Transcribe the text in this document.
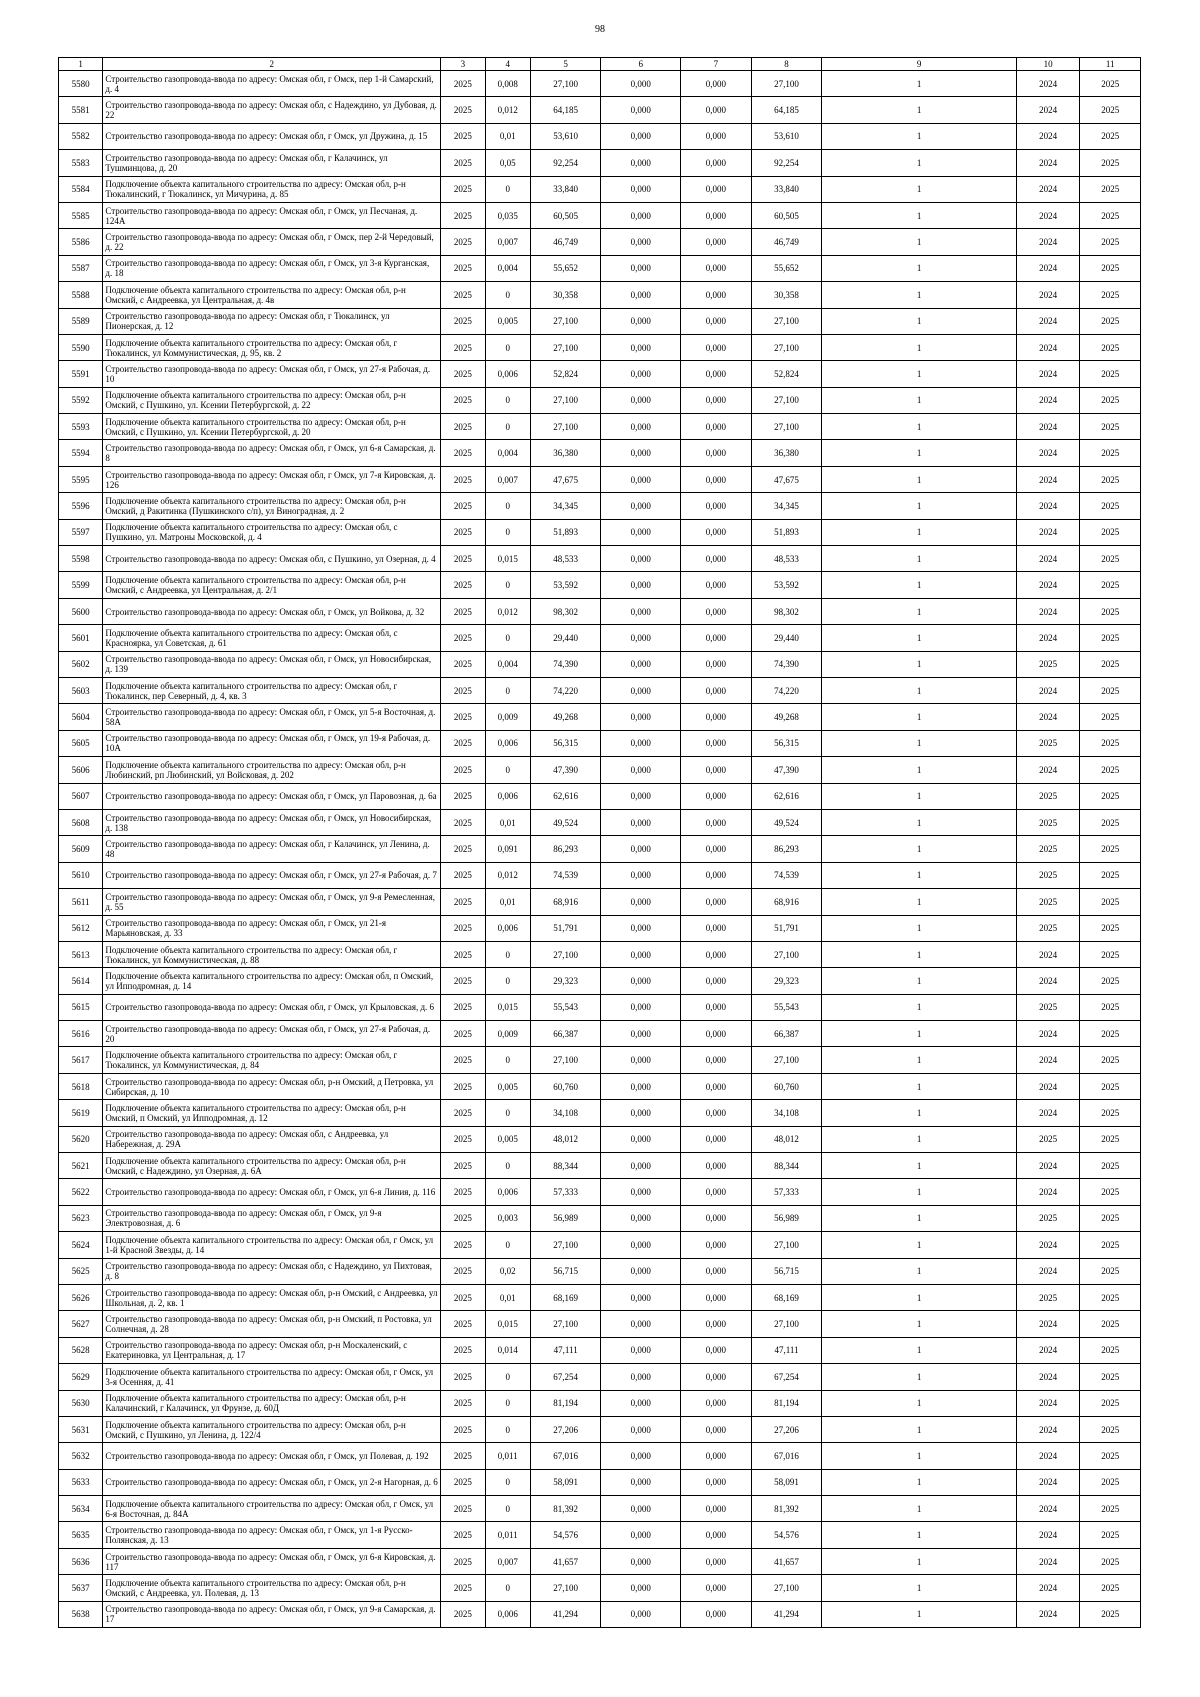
98
1	2	3	4	5	6	7	8	9	10	11
5580	Строительство газопровода-ввода по адресу: Омская обл, г Омск, пер 1-й Самарский, д. 4	2025	0,008	27,100	0,000	0,000	27,100	1	2024	2025
5581	Строительство газопровода-ввода по адресу: Омская обл, с Надеждино, ул Дубовая, д. 22	2025	0,012	64,185	0,000	0,000	64,185	1	2024	2025
5582	Строительство газопровода-ввода по адресу: Омская обл, г Омск, ул Дружина, д. 15	2025	0,01	53,610	0,000	0,000	53,610	1	2024	2025
5583	Строительство газопровода-ввода по адресу: Омская обл, г Калачинск, ул Тушминцова, д. 20	2025	0,05	92,254	0,000	0,000	92,254	1	2024	2025
5584	Подключение объекта капитального строительства по адресу: Омская обл, р-н Тюкалинский, г Тюкалинск, ул Мичурина, д. 85	2025	0	33,840	0,000	0,000	33,840	1	2024	2025
5585	Строительство газопровода-ввода по адресу: Омская обл, г Омск, ул Песчаная, д. 124А	2025	0,035	60,505	0,000	0,000	60,505	1	2024	2025
5586	Строительство газопровода-ввода по адресу: Омская обл, г Омск, пер 2-й Чередовый, д. 22	2025	0,007	46,749	0,000	0,000	46,749	1	2024	2025
5587	Строительство газопровода-ввода по адресу: Омская обл, г Омск, ул 3-я Курганская, д. 18	2025	0,004	55,652	0,000	0,000	55,652	1	2024	2025
5588	Подключение объекта капитального строительства по адресу: Омская обл, р-н Омский, с Андреевка, ул Центральная, д. 4в	2025	0	30,358	0,000	0,000	30,358	1	2024	2025
5589	Строительство газопровода-ввода по адресу: Омская обл, г Тюкалинск, ул Пионерская, д. 12	2025	0,005	27,100	0,000	0,000	27,100	1	2024	2025
5590	Подключение объекта капитального строительства по адресу: Омская обл, г Тюкалинск, ул Коммунистическая, д. 95, кв. 2	2025	0	27,100	0,000	0,000	27,100	1	2024	2025
5591	Строительство газопровода-ввода по адресу: Омская обл, г Омск, ул 27-я Рабочая, д. 10	2025	0,006	52,824	0,000	0,000	52,824	1	2024	2025
5592	Подключение объекта капитального строительства по адресу: Омская обл, р-н Омский, с Пушкино, ул. Ксении Петербургской, д. 22	2025	0	27,100	0,000	0,000	27,100	1	2024	2025
5593	Подключение объекта капитального строительства по адресу: Омская обл, р-н Омский, с Пушкино, ул. Ксении Петербургской, д. 20	2025	0	27,100	0,000	0,000	27,100	1	2024	2025
5594	Строительство газопровода-ввода по адресу: Омская обл, г Омск, ул 6-я Самарская, д. 8	2025	0,004	36,380	0,000	0,000	36,380	1	2024	2025
5595	Строительство газопровода-ввода по адресу: Омская обл, г Омск, ул 7-я Кировская, д. 126	2025	0,007	47,675	0,000	0,000	47,675	1	2024	2025
5596	Подключение объекта капитального строительства по адресу: Омская обл, р-н Омский, д Ракитинка (Пушкинского с/п), ул Виноградная, д. 2	2025	0	34,345	0,000	0,000	34,345	1	2024	2025
5597	Подключение объекта капитального строительства по адресу: Омская обл, с Пушкино, ул. Матроны Московской, д. 4	2025	0	51,893	0,000	0,000	51,893	1	2024	2025
5598	Строительство газопровода-ввода по адресу: Омская обл, с Пушкино, ул Озерная, д. 4	2025	0,015	48,533	0,000	0,000	48,533	1	2024	2025
5599	Подключение объекта капитального строительства по адресу: Омская обл, р-н Омский, с Андреевка, ул Центральная, д. 2/1	2025	0	53,592	0,000	0,000	53,592	1	2024	2025
5600	Строительство газопровода-ввода по адресу: Омская обл, г Омск, ул Войкова, д. 32	2025	0,012	98,302	0,000	0,000	98,302	1	2024	2025
5601	Подключение объекта капитального строительства по адресу: Омская обл, с Красноярка, ул Советская, д. 61	2025	0	29,440	0,000	0,000	29,440	1	2024	2025
5602	Строительство газопровода-ввода по адресу: Омская обл, г Омск, ул Новосибирская, д. 139	2025	0,004	74,390	0,000	0,000	74,390	1	2025	2025
5603	Подключение объекта капитального строительства по адресу: Омская обл, г Тюкалинск, пер Северный, д. 4, кв. 3	2025	0	74,220	0,000	0,000	74,220	1	2024	2025
5604	Строительство газопровода-ввода по адресу: Омская обл, г Омск, ул 5-я Восточная, д. 58А	2025	0,009	49,268	0,000	0,000	49,268	1	2024	2025
5605	Строительство газопровода-ввода по адресу: Омская обл, г Омск, ул 19-я Рабочая, д. 10А	2025	0,006	56,315	0,000	0,000	56,315	1	2025	2025
5606	Подключение объекта капитального строительства по адресу: Омская обл, р-н Любинский, рп Любинский, ул Войсковая, д. 202	2025	0	47,390	0,000	0,000	47,390	1	2024	2025
5607	Строительство газопровода-ввода по адресу: Омская обл, г Омск, ул Паровозная, д. 6а	2025	0,006	62,616	0,000	0,000	62,616	1	2025	2025
5608	Строительство газопровода-ввода по адресу: Омская обл, г Омск, ул Новосибирская, д. 138	2025	0,01	49,524	0,000	0,000	49,524	1	2025	2025
5609	Строительство газопровода-ввода по адресу: Омская обл, г Калачинск, ул Ленина, д. 48	2025	0,091	86,293	0,000	0,000	86,293	1	2025	2025
5610	Строительство газопровода-ввода по адресу: Омская обл, г Омск, ул 27-я Рабочая, д. 7	2025	0,012	74,539	0,000	0,000	74,539	1	2025	2025
5611	Строительство газопровода-ввода по адресу: Омская обл, г Омск, ул 9-я Ремесленная, д. 55	2025	0,01	68,916	0,000	0,000	68,916	1	2025	2025
5612	Строительство газопровода-ввода по адресу: Омская обл, г Омск, ул 21-я Марьяновская, д. 33	2025	0,006	51,791	0,000	0,000	51,791	1	2025	2025
5613	Подключение объекта капитального строительства по адресу: Омская обл, г Тюкалинск, ул Коммунистическая, д. 88	2025	0	27,100	0,000	0,000	27,100	1	2024	2025
5614	Подключение объекта капитального строительства по адресу: Омская обл, п Омский, ул Ипподромная, д. 14	2025	0	29,323	0,000	0,000	29,323	1	2024	2025
5615	Строительство газопровода-ввода по адресу: Омская обл, г Омск, ул Крыловская, д. 6	2025	0,015	55,543	0,000	0,000	55,543	1	2025	2025
5616	Строительство газопровода-ввода по адресу: Омская обл, г Омск, ул 27-я Рабочая, д. 20	2025	0,009	66,387	0,000	0,000	66,387	1	2024	2025
5617	Подключение объекта капитального строительства по адресу: Омская обл, г Тюкалинск, ул Коммунистическая, д. 84	2025	0	27,100	0,000	0,000	27,100	1	2024	2025
5618	Строительство газопровода-ввода по адресу: Омская обл, р-н Омский, д Петровка, ул Сибирская, д. 10	2025	0,005	60,760	0,000	0,000	60,760	1	2024	2025
5619	Подключение объекта капитального строительства по адресу: Омская обл, р-н Омский, п Омский, ул Ипподромная, д. 12	2025	0	34,108	0,000	0,000	34,108	1	2024	2025
5620	Строительство газопровода-ввода по адресу: Омская обл, с Андреевка, ул Набережная, д. 29А	2025	0,005	48,012	0,000	0,000	48,012	1	2025	2025
5621	Подключение объекта капитального строительства по адресу: Омская обл, р-н Омский, с Надеждино, ул Озерная, д. 6А	2025	0	88,344	0,000	0,000	88,344	1	2024	2025
5622	Строительство газопровода-ввода по адресу: Омская обл, г Омск, ул 6-я Линия, д. 116	2025	0,006	57,333	0,000	0,000	57,333	1	2024	2025
5623	Строительство газопровода-ввода по адресу: Омская обл, г Омск, ул 9-я Электровозная, д. 6	2025	0,003	56,989	0,000	0,000	56,989	1	2025	2025
5624	Подключение объекта капитального строительства по адресу: Омская обл, г Омск, ул 1-й Красной Звезды, д. 14	2025	0	27,100	0,000	0,000	27,100	1	2024	2025
5625	Строительство газопровода-ввода по адресу: Омская обл, с Надеждино, ул Пихтовая, д. 8	2025	0,02	56,715	0,000	0,000	56,715	1	2024	2025
5626	Строительство газопровода-ввода по адресу: Омская обл, р-н Омский, с Андреевка, ул Школьная, д. 2, кв. 1	2025	0,01	68,169	0,000	0,000	68,169	1	2025	2025
5627	Строительство газопровода-ввода по адресу: Омская обл, р-н Омский, п Ростовка, ул Солнечная, д. 28	2025	0,015	27,100	0,000	0,000	27,100	1	2024	2025
5628	Строительство газопровода-ввода по адресу: Омская обл, р-н Москаленский, с Екатериновка, ул Центральная, д. 17	2025	0,014	47,111	0,000	0,000	47,111	1	2024	2025
5629	Подключение объекта капитального строительства по адресу: Омская обл, г Омск, ул 3-я Осенняя, д. 41	2025	0	67,254	0,000	0,000	67,254	1	2024	2025
5630	Подключение объекта капитального строительства по адресу: Омская обл, р-н Калачинский, г Калачинск, ул Фрунзе, д. 60Д	2025	0	81,194	0,000	0,000	81,194	1	2024	2025
5631	Подключение объекта капитального строительства по адресу: Омская обл, р-н Омский, с Пушкино, ул Ленина, д. 122/4	2025	0	27,206	0,000	0,000	27,206	1	2024	2025
5632	Строительство газопровода-ввода по адресу: Омская обл, г Омск, ул Полевая, д. 192	2025	0,011	67,016	0,000	0,000	67,016	1	2024	2025
5633	Строительство газопровода-ввода по адресу: Омская обл, г Омск, ул 2-я Нагорная, д. 6	2025	0	58,091	0,000	0,000	58,091	1	2024	2025
5634	Подключение объекта капитального строительства по адресу: Омская обл, г Омск, ул 6-я Восточная, д. 84А	2025	0	81,392	0,000	0,000	81,392	1	2024	2025
5635	Строительство газопровода-ввода по адресу: Омская обл, г Омск, ул 1-я Русско-Полянская, д. 13	2025	0,011	54,576	0,000	0,000	54,576	1	2024	2025
5636	Строительство газопровода-ввода по адресу: Омская обл, г Омск, ул 6-я Кировская, д. 117	2025	0,007	41,657	0,000	0,000	41,657	1	2024	2025
5637	Подключение объекта капитального строительства по адресу: Омская обл, р-н Омский, с Андреевка, ул. Полевая, д. 13	2025	0	27,100	0,000	0,000	27,100	1	2024	2025
5638	Строительство газопровода-ввода по адресу: Омская обл, г Омск, ул 9-я Самарская, д. 17	2025	0,006	41,294	0,000	0,000	41,294	1	2024	2025
